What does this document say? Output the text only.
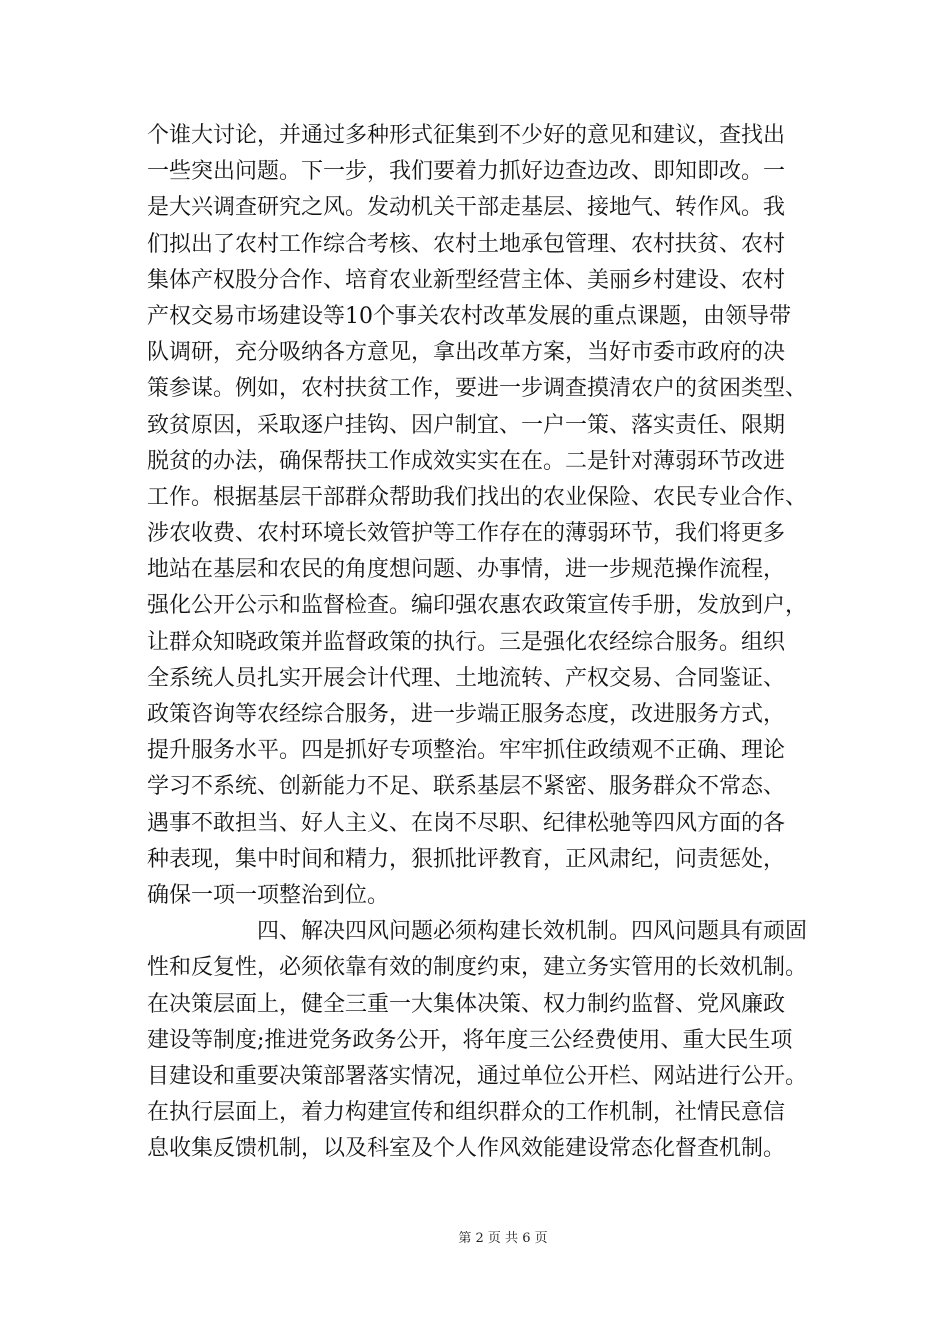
个谁大讨论，并通过多种形式征集到不少好的意见和建议，查找出
一些突出问题。下一步，我们要着力抓好边查边改、即知即改。一
是大兴调查研究之风。发动机关干部走基层、接地气、转作风。我
们拟出了农村工作综合考核、农村土地承包管理、农村扶贫、农村
集体产权股分合作、培育农业新型经营主体、美丽乡村建设、农村
产权交易市场建设等10个事关农村改革发展的重点课题，由领导带
队调研，充分吸纳各方意见，拿出改革方案，当好市委市政府的决
策参谋。例如，农村扶贫工作，要进一步调查摸清农户的贫困类型、
致贫原因，采取逐户挂钩、因户制宜、一户一策、落实责任、限期
脱贫的办法，确保帮扶工作成效实实在在。二是针对薄弱环节改进
工作。根据基层干部群众帮助我们找出的农业保险、农民专业合作、
涉农收费、农村环境长效管护等工作存在的薄弱环节，我们将更多
地站在基层和农民的角度想问题、办事情，进一步规范操作流程，
强化公开公示和监督检查。编印强农惠农政策宣传手册，发放到户，
让群众知晓政策并监督政策的执行。三是强化农经综合服务。组织
全系统人员扎实开展会计代理、土地流转、产权交易、合同鉴证、
政策咨询等农经综合服务，进一步端正服务态度，改进服务方式，
提升服务水平。四是抓好专项整治。牢牢抓住政绩观不正确、理论
学习不系统、创新能力不足、联系基层不紧密、服务群众不常态、
遇事不敢担当、好人主义、在岗不尽职、纪律松驰等四风方面的各
种表现，集中时间和精力，狠抓批评教育，正风肃纪，问责惩处，
确保一项一项整治到位。
四、解决四风问题必须构建长效机制。四风问题具有顽固
性和反复性，必须依靠有效的制度约束，建立务实管用的长效机制。
在决策层面上，健全三重一大集体决策、权力制约监督、党风廉政
建设等制度;推进党务政务公开，将年度三公经费使用、重大民生项
目建设和重要决策部署落实情况，通过单位公开栏、网站进行公开。
在执行层面上，着力构建宣传和组织群众的工作机制，社情民意信
息收集反馈机制，以及科室及个人作风效能建设常态化督查机制。
第 2 页 共 6 页
